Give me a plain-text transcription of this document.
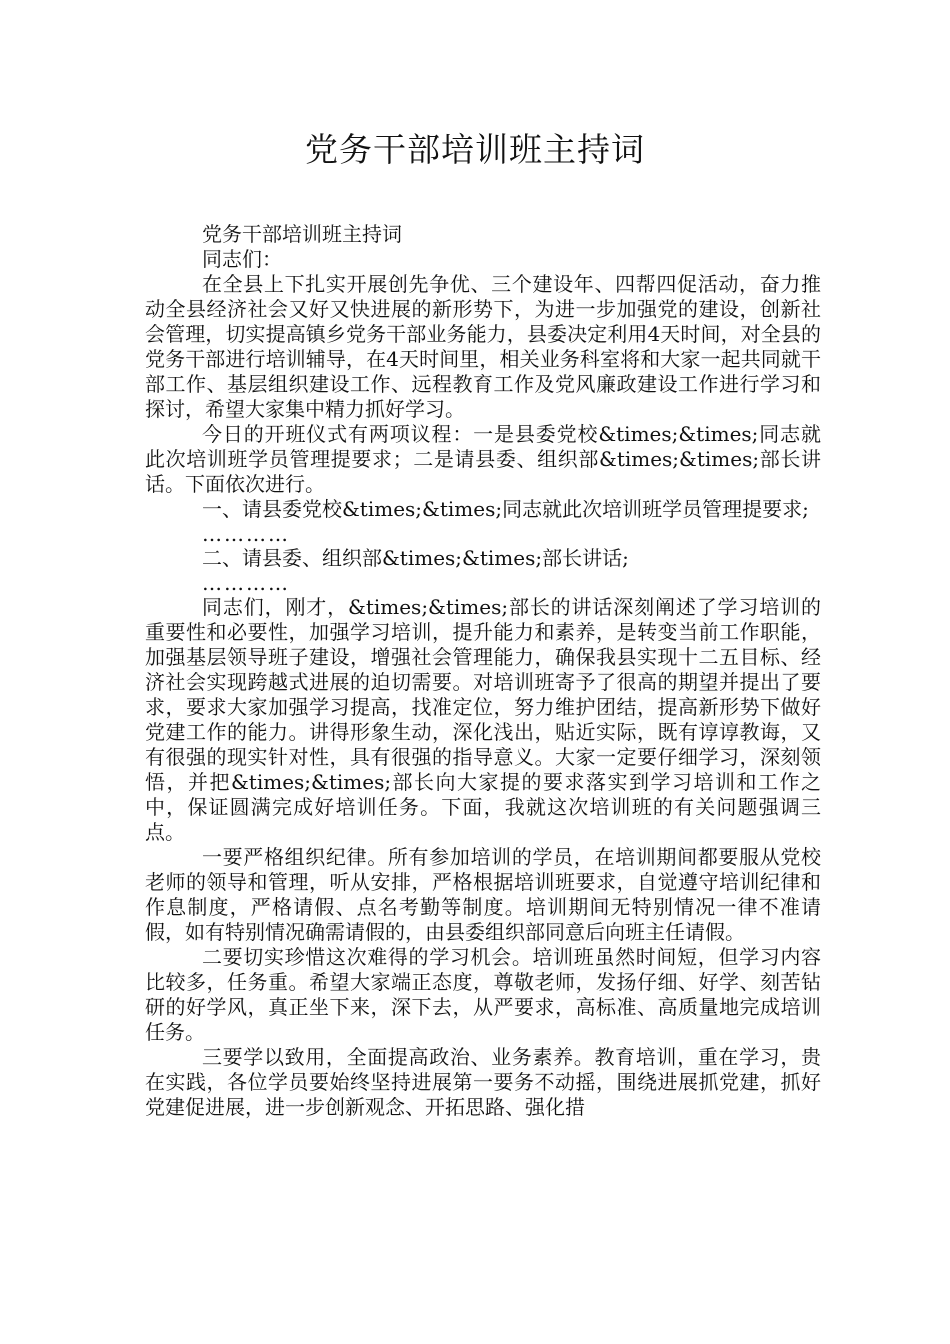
党务干部培训班主持词

党务干部培训班主持词

同志们：

在全县上下扎实开展创先争优、三个建设年、四帮四促活动，奋力推动全县经济社会又好又快进展的新形势下，为进一步加强党的建设，创新社会管理，切实提高镇乡党务干部业务能力，县委决定利用4天时间，对全县的党务干部进行培训辅导，在4天时间里，相关业务科室将和大家一起共同就干部工作、基层组织建设工作、远程教育工作及党风廉政建设工作进行学习和探讨，希望大家集中精力抓好学习。

今日的开班仪式有两项议程：一是县委党校&times;&times;同志就此次培训班学员管理提要求；二是请县委、组织部&times;&times;部长讲话。下面依次进行。

一、请县委党校&times;&times;同志就此次培训班学员管理提要求;

…………

二、请县委、组织部&times;&times;部长讲话;

…………

同志们，刚才，&times;&times;部长的讲话深刻阐述了学习培训的重要性和必要性，加强学习培训，提升能力和素养，是转变当前工作职能，加强基层领导班子建设，增强社会管理能力，确保我县实现十二五目标、经济社会实现跨越式进展的迫切需要。对培训班寄予了很高的期望并提出了要求，要求大家加强学习提高，找准定位，努力维护团结，提高新形势下做好党建工作的能力。讲得形象生动，深化浅出，贴近实际，既有谆谆教诲，又有很强的现实针对性，具有很强的指导意义。大家一定要仔细学习，深刻领悟，并把&times;&times;部长向大家提的要求落实到学习培训和工作之中，保证圆满完成好培训任务。下面，我就这次培训班的有关问题强调三点。

一要严格组织纪律。所有参加培训的学员，在培训期间都要服从党校老师的领导和管理，听从安排，严格根据培训班要求，自觉遵守培训纪律和作息制度，严格请假、点名考勤等制度。培训期间无特别情况一律不准请假，如有特别情况确需请假的，由县委组织部同意后向班主任请假。

二要切实珍惜这次难得的学习机会。培训班虽然时间短，但学习内容比较多，任务重。希望大家端正态度，尊敬老师，发扬仔细、好学、刻苦钻研的好学风，真正坐下来，深下去，从严要求，高标准、高质量地完成培训任务。

三要学以致用，全面提高政治、业务素养。教育培训，重在学习，贵在实践，各位学员要始终坚持进展第一要务不动摇，围绕进展抓党建，抓好党建促进展，进一步创新观念、开拓思路、强化措
